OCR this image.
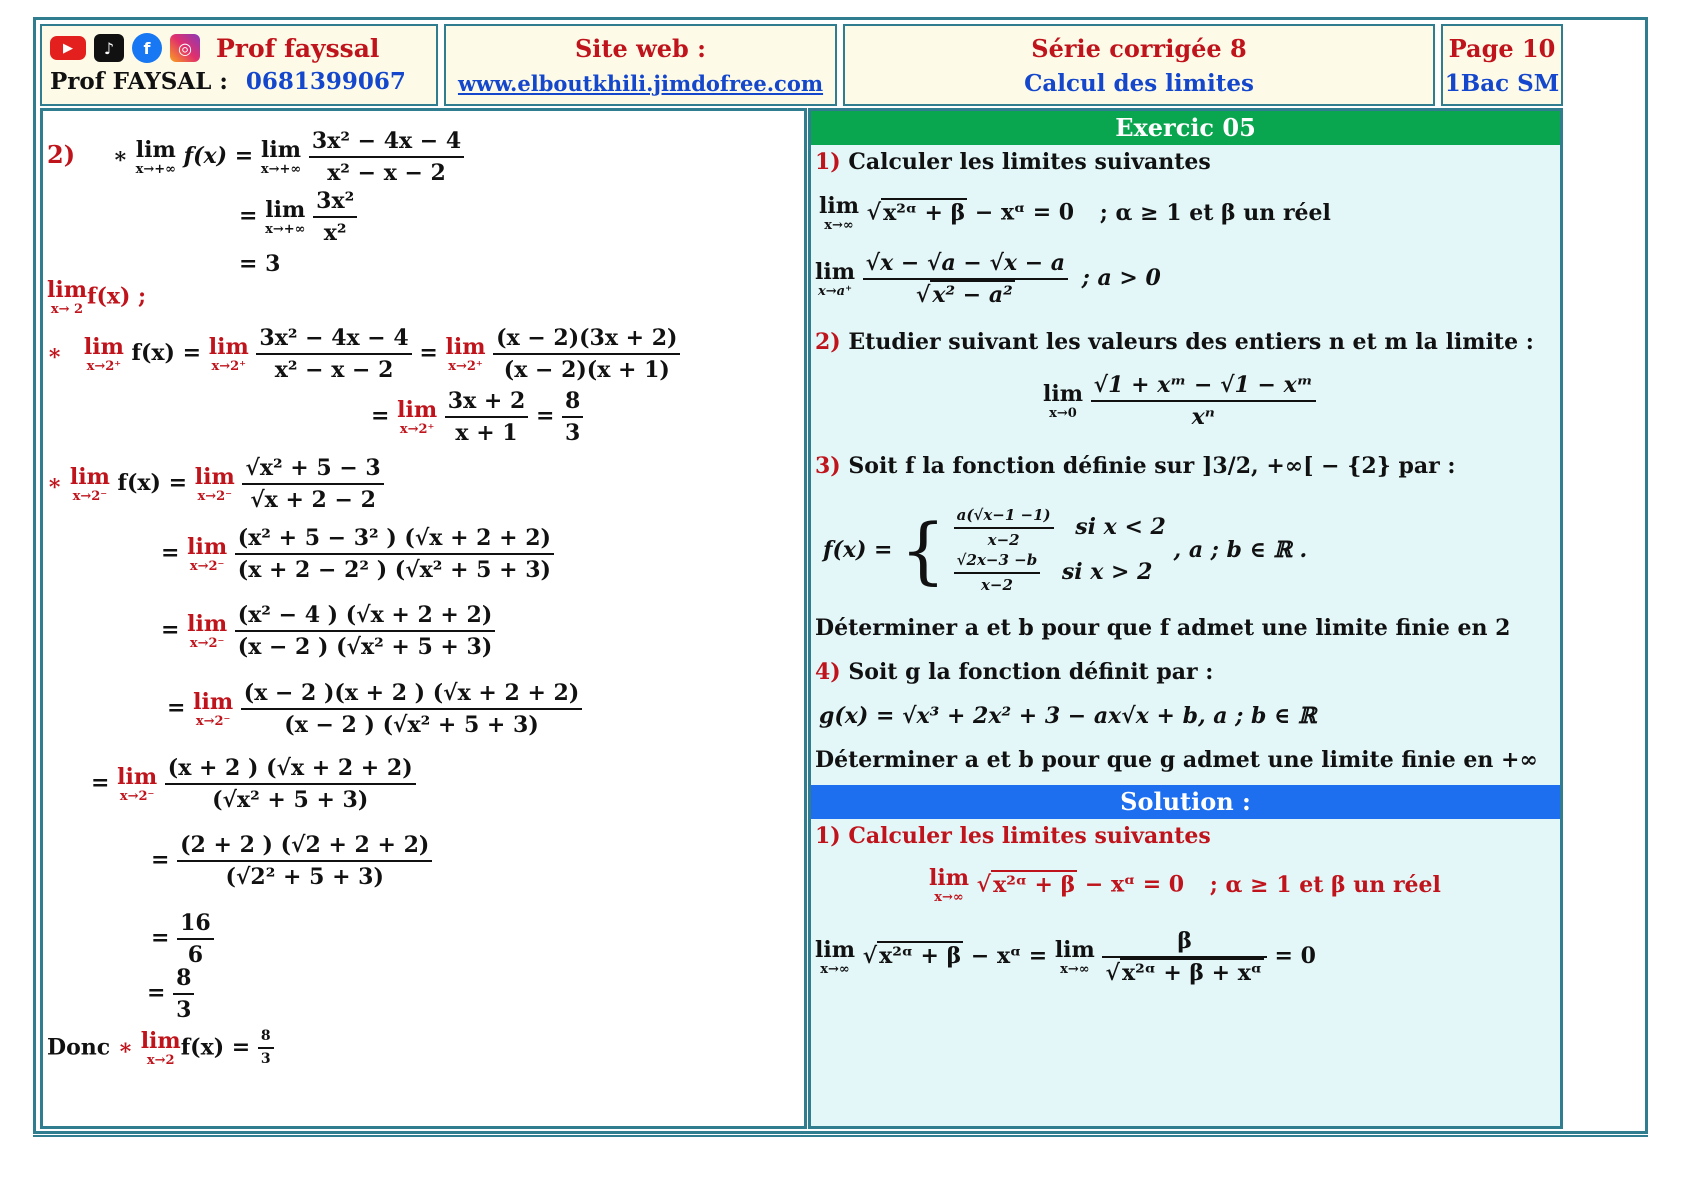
▶	♪	f	◎ Prof fayssal
Prof FAYSAL : 0681399067
Site web :
www.elboutkhili.jimdofree.com
Série corrigée 8
Calcul des limites
Page 10
1Bac SM
2) ∗ lim
x→+∞ f(x) = lim
x→+∞
$\frac{\text{3x² − 4x − 4}}{\text{x² − x − 2}}$
= lim
x→+∞
$\frac{\text{3x²}}{\text{x²}}$
= 3
lim
x→ 2 f(x) ;
∗ lim
x→2⁺ f(x) = lim
x→2⁺
$\frac{\text{3x² − 4x − 4}}{\text{x² − x − 2}} = \lim$
x→2⁺
$\frac{(x - 2)(3x + 2)}{(x - 2)(x + 1)}$
= lim
x→2⁺
$\frac{3x + 2}{x + 1} = \frac{8}{3}$
∗ lim
x→2⁻ f(x) = lim
x→2⁻
$\frac{\text{√x² + 5 − 3}}{√x + 2 - 2}$
= lim
x→2⁻
$\frac{\text{(x² + 5 − 3² ) (√x + 2 + 2)}}{\text{(x + 2 − 2² ) (√x² + 5 + 3)}}$
= lim
x→2⁻
$\frac{\text{(x² − 4 ) (√x + 2 + 2)}}{\text{(x − 2 ) (√x² + 5 + 3)}}$
= lim
x→2⁻
$\frac{(x - 2 )(x + 2 ) (√x + 2 + 2)}{\text{(x − 2 ) (√x² + 5 + 3)}}$
= lim
x→2⁻
$\frac{(x + 2 ) (√x + 2 + 2)}{\text{(√x² + 5 + 3)}}$
= $\frac{(2 + 2 ) (√2 + 2 + 2)}{\text{(√2² + 5 + 3)}}$
= $\frac{16}{6}$
= $\frac{8}{3}$
Donc ∗ lim
x→2 $f(x) = \frac{8}{3}$
Exercic 05
1) Calculer les limites suivantes
lim
x→∞ √x²ᵅ + β − xᵅ = 0 ; α ≥ 1 et β un réel
lim
x→a⁺
$\frac{√x - √a - √x - a}{\text{√x² − a²}}$ ; a > 0
2) Etudier suivant les valeurs des entiers n et m la limite :
lim
x→0
$\frac{\text{√1 + xᵐ − √1 − xᵐ}}{\text{xⁿ}}$
3) Soit f la fonction définie sur ]3/2, +∞[ − {2} par :
f(x) = { $\frac{a(√x-1 -1)}{x-2}$ si x < 2
$\frac{√2x-3 -b}{x-2}$ si x > 2
, a ; b ∈ ℝ .
Déterminer a et b pour que f admet une limite finie en 2
4) Soit g la fonction définit par :
g(x) = √x³ + 2x² + 3 − ax√x + b, a ; b ∈ ℝ
Déterminer a et b pour que g admet une limite finie en +∞
Solution :
1) Calculer les limites suivantes
lim
x→∞ √x²ᵅ + β − xᵅ = 0 ; α ≥ 1 et β un réel
lim
x→∞ √x²ᵅ + β − xᵅ = lim
x→∞
$\frac{\beta}{\text{√x²ᵅ + β + xᵅ}} = 0$
